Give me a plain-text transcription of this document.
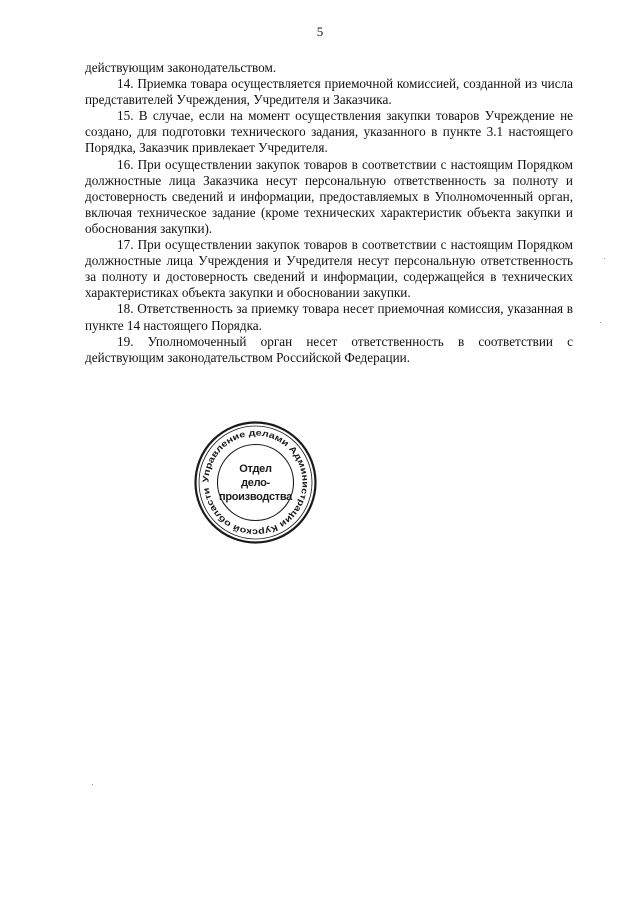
5

действующим законодательством.

14. Приемка товара осуществляется приемочной комиссией, созданной из числа представителей Учреждения, Учредителя и Заказчика.

15. В случае, если на момент осуществления закупки товаров Учреждение не создано, для подготовки технического задания, указанного в пункте 3.1 настоящего Порядка, Заказчик привлекает Учредителя.

16. При осуществлении закупок товаров в соответствии с настоящим Порядком должностные лица Заказчика несут персональную ответственность за полноту и достоверность сведений и информации, предоставляемых в Уполномоченный орган, включая техническое задание (кроме технических характеристик объекта закупки и обоснования закупки).

17. При осуществлении закупок товаров в соответствии с настоящим Порядком должностные лица Учреждения и Учредителя несут персональную ответственность за полноту и достоверность сведений и информации, содержащейся в технических характеристиках объекта закупки и обосновании закупки.

18. Ответственность за приемку товара несет приемочная комиссия, указанная в пункте 14 настоящего Порядка.

19. Уполномоченный орган несет ответственность в соответствии с действующим законодательством Российской Федерации.

Управление делами Администрации Курской области
Отдел
дело-
производства
